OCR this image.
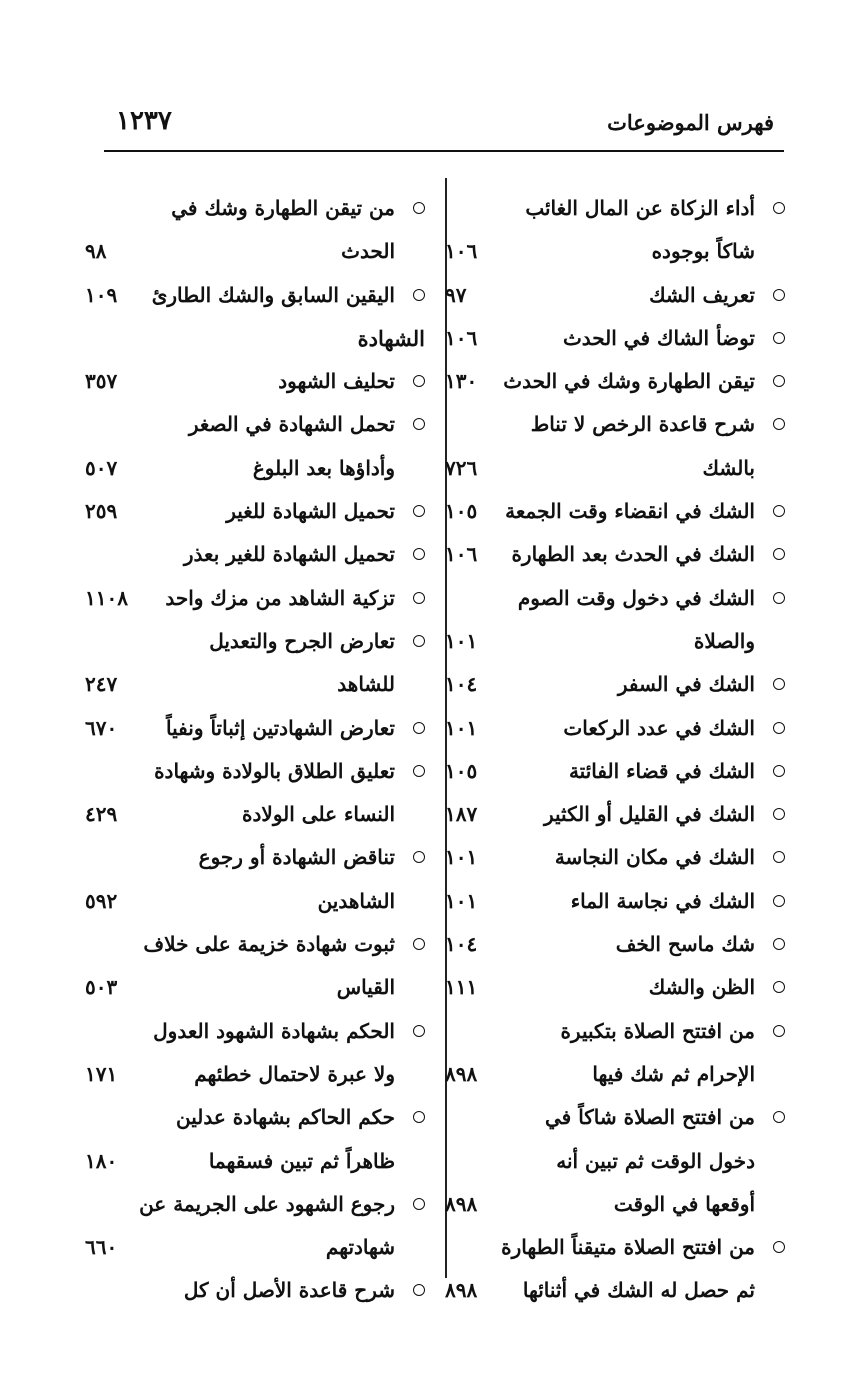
فهرس الموضوعات
١٢٣٧
أداء الزكاة عن المال الغائب
شاكاً بوجوده
١٠٦
تعريف الشك
٩٧
توضأ الشاك في الحدث
١٠٦
تيقن الطهارة وشك في الحدث
١٣٠
شرح قاعدة الرخص لا تناط
بالشك
٧٢٦
الشك في انقضاء وقت الجمعة
١٠٥
الشك في الحدث بعد الطهارة
١٠٦
الشك في دخول وقت الصوم
والصلاة
١٠١
الشك في السفر
١٠٤
الشك في عدد الركعات
١٠١
الشك في قضاء الفائتة
١٠٥
الشك في القليل أو الكثير
١٨٧
الشك في مكان النجاسة
١٠١
الشك في نجاسة الماء
١٠١
شك ماسح الخف
١٠٤
الظن والشك
١١١
من افتتح الصلاة بتكبيرة
الإحرام ثم شك فيها
٨٩٨
من افتتح الصلاة شاكاً في
دخول الوقت ثم تبين أنه
أوقعها في الوقت
٨٩٨
من افتتح الصلاة متيقناً الطهارة
ثم حصل له الشك في أثنائها
٨٩٨
من تيقن الطهارة وشك في
الحدث
٩٨
اليقين السابق والشك الطارئ
١٠٩
الشهادة
تحليف الشهود
٣٥٧
تحمل الشهادة في الصغر
وأداؤها بعد البلوغ
٥٠٧
تحميل الشهادة للغير
٢٥٩
تحميل الشهادة للغير بعذر
تزكية الشاهد من مزك واحد
١١٠٨
تعارض الجرح والتعديل
للشاهد
٢٤٧
تعارض الشهادتين إثباتاً ونفياً
٦٧٠
تعليق الطلاق بالولادة وشهادة
النساء على الولادة
٤٢٩
تناقض الشهادة أو رجوع
الشاهدين
٥٩٢
ثبوت شهادة خزيمة على خلاف
القياس
٥٠٣
الحكم بشهادة الشهود العدول
ولا عبرة لاحتمال خطئهم
١٧١
حكم الحاكم بشهادة عدلين
ظاهراً ثم تبين فسقهما
١٨٠
رجوع الشهود على الجريمة عن
شهادتهم
٦٦٠
شرح قاعدة الأصل أن كل
